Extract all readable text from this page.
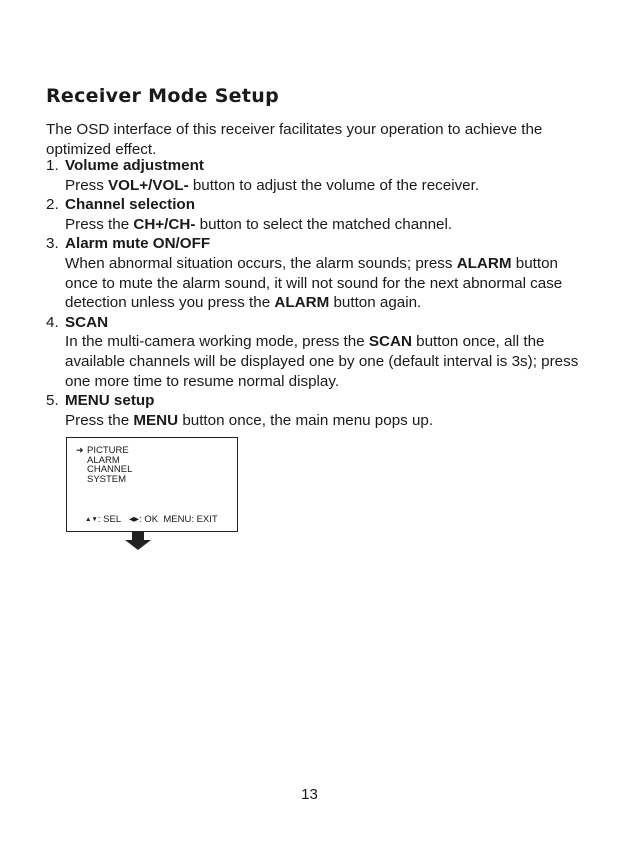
Receiver Mode Setup
The OSD interface of this receiver facilitates your operation to achieve the optimized effect.
1. Volume adjustment
Press VOL+/VOL- button to adjust the volume of the receiver.
2. Channel selection
Press the CH+/CH- button to select the matched channel.
3. Alarm mute ON/OFF
When abnormal situation occurs, the alarm sounds; press ALARM button once to mute the alarm sound, it will not sound for the next abnormal case detection unless you press the ALARM button again.
4. SCAN
In the multi-camera working mode, press the SCAN button once, all the available channels will be displayed one by one (default interval is 3s); press one more time to resume normal display.
5. MENU setup
Press the MENU button once, the main menu pops up.
➜ PICTURE
ALARM
CHANNEL
SYSTEM
▲▼: SEL ◀▶: OK MENU: EXIT
13
